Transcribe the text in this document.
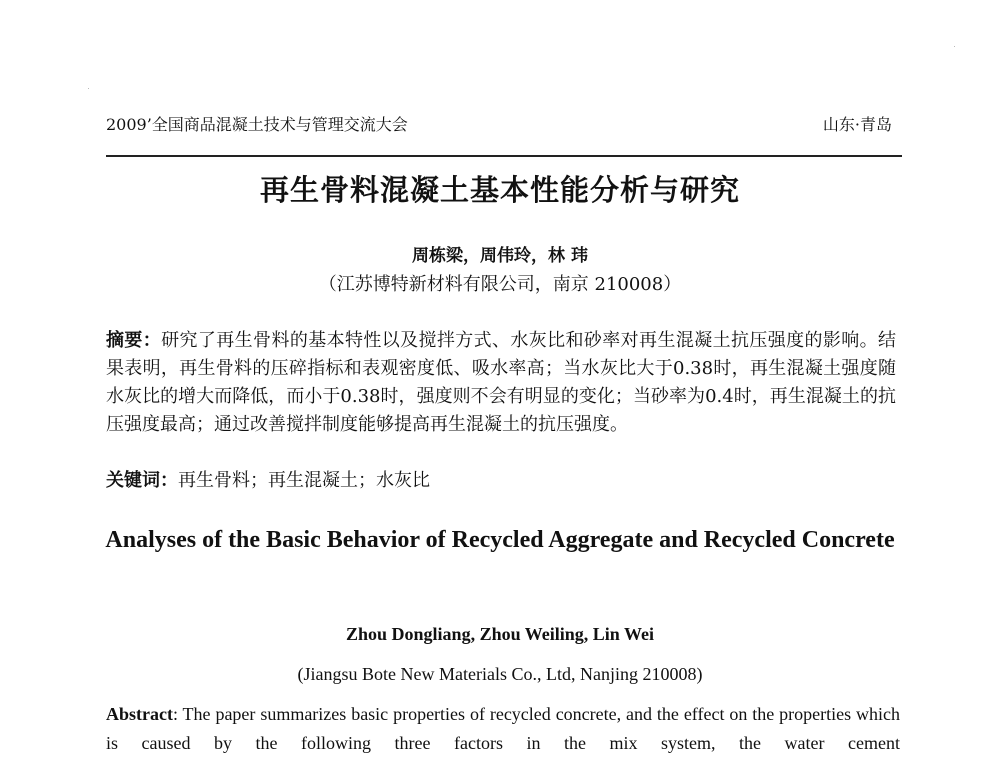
2009’全国商品混凝土技术与管理交流大会	山东·青岛
再生骨料混凝土基本性能分析与研究
周栋梁，周伟玲，林 玮
（江苏博特新材料有限公司，南京 210008）
摘要：研究了再生骨料的基本特性以及搅拌方式、水灰比和砂率对再生混凝土抗压强度的影响。结果表明，再生骨料的压碎指标和表观密度低、吸水率高；当水灰比大于0.38时，再生混凝土强度随水灰比的增大而降低，而小于0.38时，强度则不会有明显的变化；当砂率为0.4时，再生混凝土的抗压强度最高；通过改善搅拌制度能够提高再生混凝土的抗压强度。
关键词：再生骨料；再生混凝土；水灰比
Analyses of the Basic Behavior of Recycled Aggregate and Recycled Concrete
Zhou Dongliang, Zhou Weiling, Lin Wei
(Jiangsu Bote New Materials Co., Ltd, Nanjing 210008)
Abstract: The paper summarizes basic properties of recycled concrete, and the effect on the properties which is caused by the following three factors in the mix system, the water cement
